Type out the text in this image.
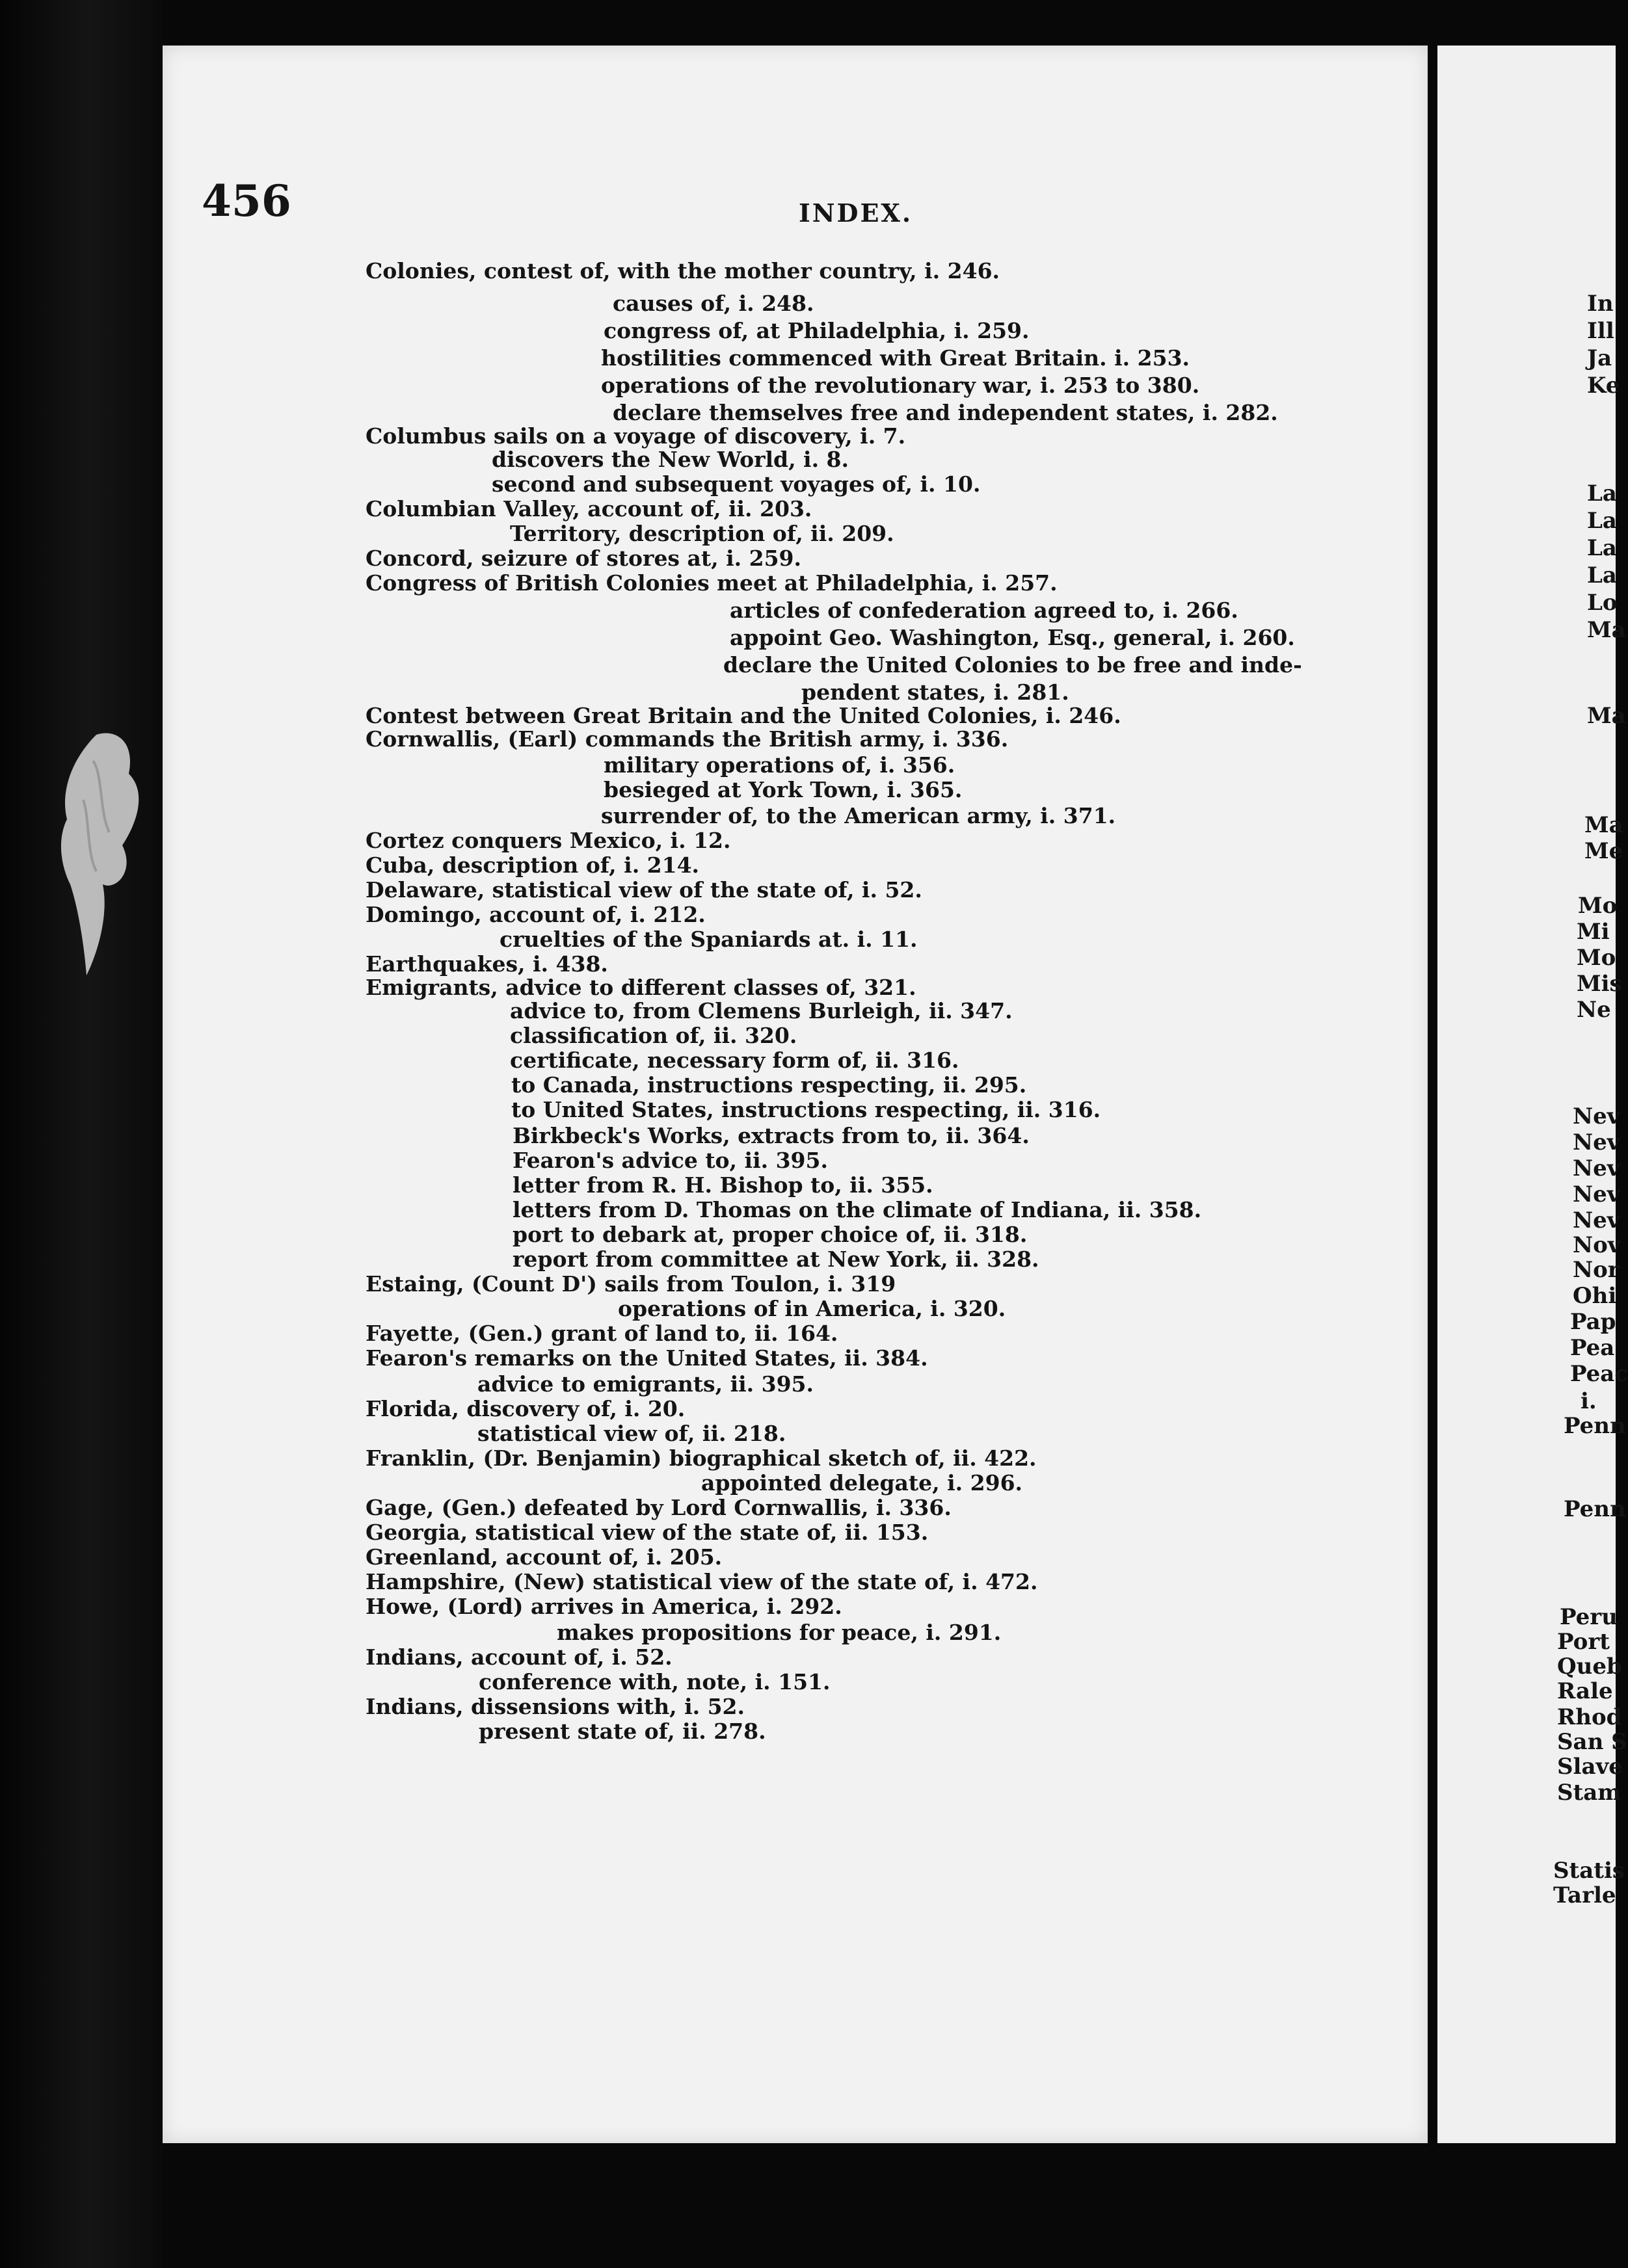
456	INDEX.
Colonies, contest of, with the mother country, i. 246.
causes of, i. 248.
congress of, at Philadelphia, i. 259.
hostilities commenced with Great Britain. i. 253.
operations of the revolutionary war, i. 253 to 380.
declare themselves free and independent states, i. 282.
Columbus sails on a voyage of discovery, i. 7.
discovers the New World, i. 8.
second and subsequent voyages of, i. 10.
Columbian Valley, account of, ii. 203.
Territory, description of, ii. 209.
Concord, seizure of stores at, i. 259.
Congress of British Colonies meet at Philadelphia, i. 257.
articles of confederation agreed to, i. 266.
appoint Geo. Washington, Esq., general, i. 260.
declare the United Colonies to be free and inde-
pendent states, i. 281.
Contest between Great Britain and the United Colonies, i. 246.
Cornwallis, (Earl) commands the British army, i. 336.
military operations of, i. 356.
besieged at York Town, i. 365.
surrender of, to the American army, i. 371.
Cortez conquers Mexico, i. 12.
Cuba, description of, i. 214.
Delaware, statistical view of the state of, i. 52.
Domingo, account of, i. 212.
cruelties of the Spaniards at. i. 11.
Earthquakes, i. 438.
Emigrants, advice to different classes of, 321.
advice to, from Clemens Burleigh, ii. 347.
classification of, ii. 320.
certificate, necessary form of, ii. 316.
to Canada, instructions respecting, ii. 295.
to United States, instructions respecting, ii. 316.
Birkbeck's Works, extracts from to, ii. 364.
Fearon's advice to, ii. 395.
letter from R. H. Bishop to, ii. 355.
letters from D. Thomas on the climate of Indiana, ii. 358.
port to debark at, proper choice of, ii. 318.
report from committee at New York, ii. 328.
Estaing, (Count D') sails from Toulon, i. 319
operations of in America, i. 320.
Fayette, (Gen.) grant of land to, ii. 164.
Fearon's remarks on the United States, ii. 384.
advice to emigrants, ii. 395.
Florida, discovery of, i. 20.
statistical view of, ii. 218.
Franklin, (Dr. Benjamin) biographical sketch of, ii. 422.
appointed delegate, i. 296.
Gage, (Gen.) defeated by Lord Cornwallis, i. 336.
Georgia, statistical view of the state of, ii. 153.
Greenland, account of, i. 205.
Hampshire, (New) statistical view of the state of, i. 472.
Howe, (Lord) arrives in America, i. 292.
makes propositions for peace, i. 291.
Indians, account of, i. 52.
conference with, note, i. 151.
Indians, dissensions with, i. 52.
present state of, ii. 278.
In
Ill
Ja
Ke
La
La
La
La
Lo
Ma
Ma
Ma
Me
Mo
Mi
Mo
Mis
Ne
Nev
Nev
Nev
Nev
Nev
Nov
Nor
Ohi
Pap
Pea
Peac
i.
Penn
Penn
Peru
Port
Queb
Rale
Rhod
San S
Slave
Stam
Statis
Tarle
